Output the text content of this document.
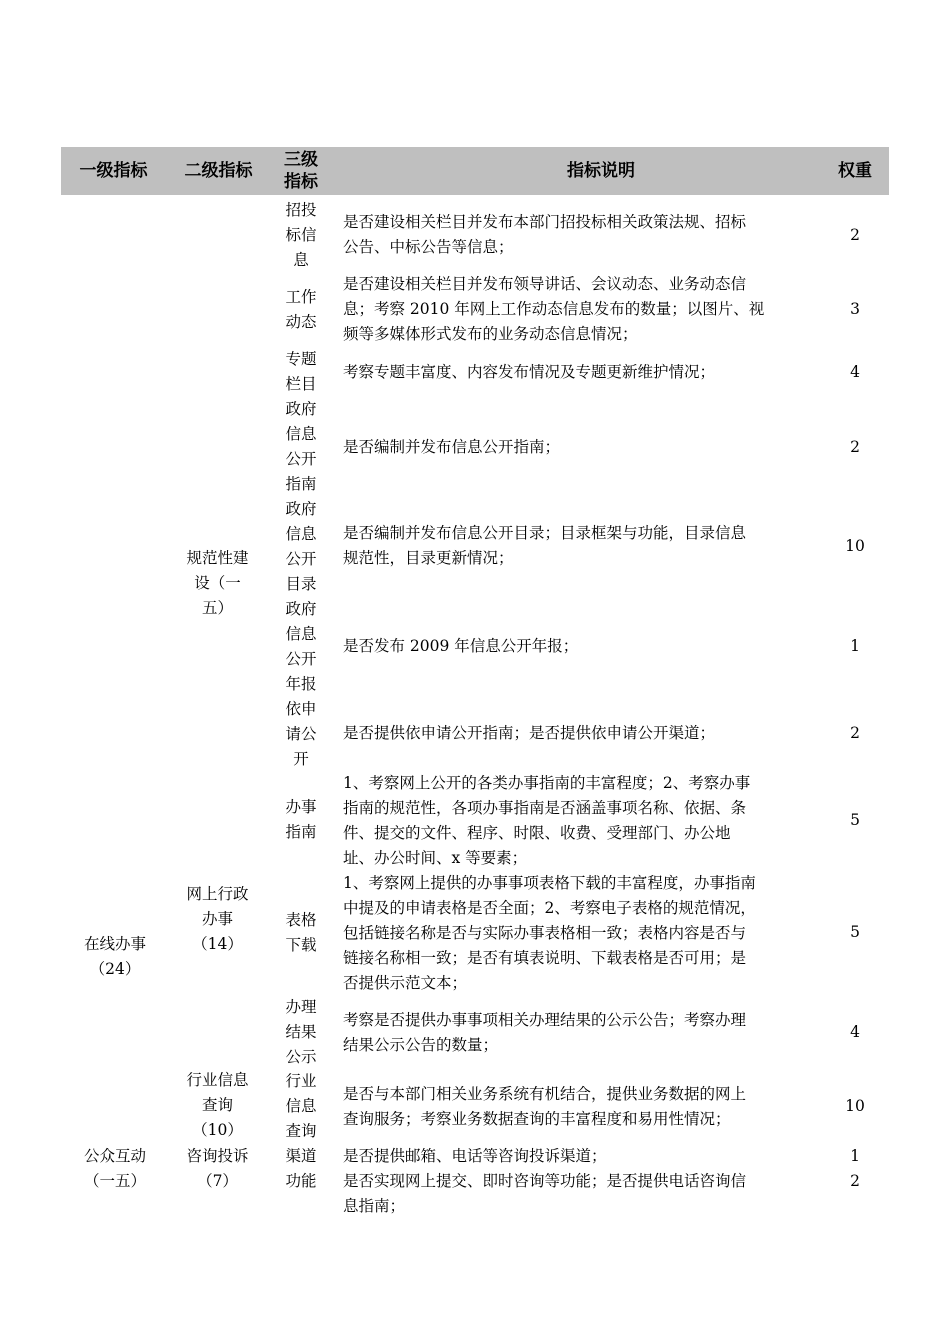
一级指标	二级指标
三级
指标
指标说明	权重
在线办事
（24）
公众互动
（一五）
规范性建
设（一
五）
网上行政
办事
（14）
行业信息
查询
（10）
咨询投诉
（7）
招投
标信
息
工作
动态
专题
栏目
政府
信息
公开
指南
政府
信息
公开
目录
政府
信息
公开
年报
依申
请公
开
办事
指南
表格
下载
办理
结果
公示
行业
信息
查询
渠道
功能
是否建设相关栏目并发布本部门招投标相关政策法规、招标
公告、中标公告等信息；
是否建设相关栏目并发布领导讲话、会议动态、业务动态信
息；考察 2010 年网上工作动态信息发布的数量；以图片、视
频等多媒体形式发布的业务动态信息情况；
考察专题丰富度、内容发布情况及专题更新维护情况；
是否编制并发布信息公开指南；
是否编制并发布信息公开目录；目录框架与功能，目录信息
规范性，目录更新情况；
是否发布 2009 年信息公开年报；
是否提供依申请公开指南；是否提供依申请公开渠道；
1、考察网上公开的各类办事指南的丰富程度；2、考察办事
指南的规范性，各项办事指南是否涵盖事项名称、依据、条
件、提交的文件、程序、时限、收费、受理部门、办公地
址、办公时间、x 等要素；
1、考察网上提供的办事事项表格下载的丰富程度，办事指南
中提及的申请表格是否全面；2、考察电子表格的规范情况，
包括链接名称是否与实际办事表格相一致；表格内容是否与
链接名称相一致；是否有填表说明、下载表格是否可用；是
否提供示范文本；
考察是否提供办事事项相关办理结果的公示公告；考察办理
结果公示公告的数量；
是否与本部门相关业务系统有机结合，提供业务数据的网上
查询服务；考察业务数据查询的丰富程度和易用性情况；
是否提供邮箱、电话等咨询投诉渠道；
是否实现网上提交、即时咨询等功能；是否提供电话咨询信
息指南；
2
3
4
2
10
1
2
5
5
4
10
1
2
